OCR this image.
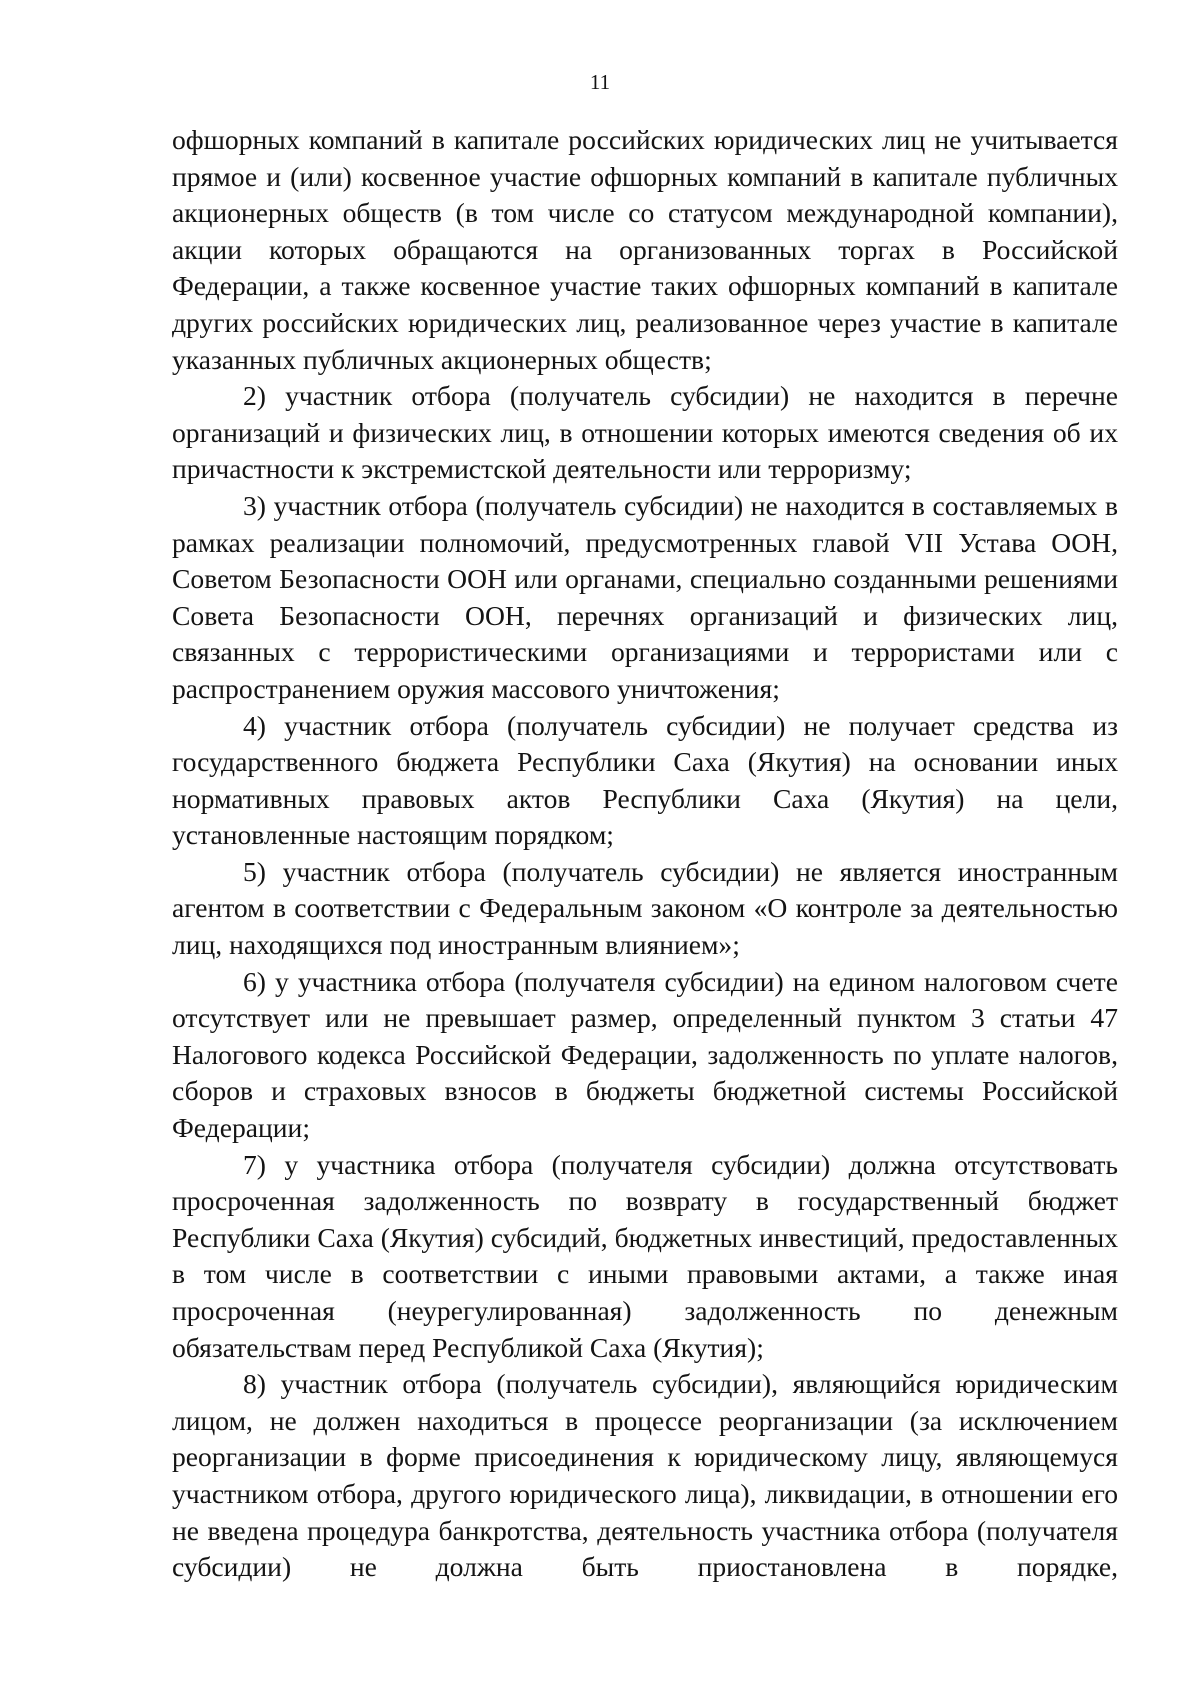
11

офшорных компаний в капитале российских юридических лиц не учитывается прямое и (или) косвенное участие офшорных компаний в капитале публичных акционерных обществ (в том числе со статусом международной компании), акции которых обращаются на организованных торгах в Российской Федерации, а также косвенное участие таких офшорных компаний в капитале других российских юридических лиц, реализованное через участие в капитале указанных публичных акционерных обществ;

2) участник отбора (получатель субсидии) не находится в перечне организаций и физических лиц, в отношении которых имеются сведения об их причастности к экстремистской деятельности или терроризму;

3) участник отбора (получатель субсидии) не находится в составляемых в рамках реализации полномочий, предусмотренных главой VII Устава ООН, Советом Безопасности ООН или органами, специально созданными решениями Совета Безопасности ООН, перечнях организаций и физических лиц, связанных с террористическими организациями и террористами или с распространением оружия массового уничтожения;

4) участник отбора (получатель субсидии) не получает средства из государственного бюджета Республики Саха (Якутия) на основании иных нормативных правовых актов Республики Саха (Якутия) на цели, установленные настоящим порядком;

5) участник отбора (получатель субсидии) не является иностранным агентом в соответствии с Федеральным законом «О контроле за деятельностью лиц, находящихся под иностранным влиянием»;

6) у участника отбора (получателя субсидии) на едином налоговом счете отсутствует или не превышает размер, определенный пунктом 3 статьи 47 Налогового кодекса Российской Федерации, задолженность по уплате налогов, сборов и страховых взносов в бюджеты бюджетной системы Российской Федерации;

7) у участника отбора (получателя субсидии) должна отсутствовать просроченная задолженность по возврату в государственный бюджет Республики Саха (Якутия) субсидий, бюджетных инвестиций, предоставленных в том числе в соответствии с иными правовыми актами, а также иная просроченная (неурегулированная) задолженность по денежным обязательствам перед Республикой Саха (Якутия);

8) участник отбора (получатель субсидии), являющийся юридическим лицом, не должен находиться в процессе реорганизации (за исключением реорганизации в форме присоединения к юридическому лицу, являющемуся участником отбора, другого юридического лица), ликвидации, в отношении его не введена процедура банкротства, деятельность участника отбора (получателя субсидии) не должна быть приостановлена в порядке,
